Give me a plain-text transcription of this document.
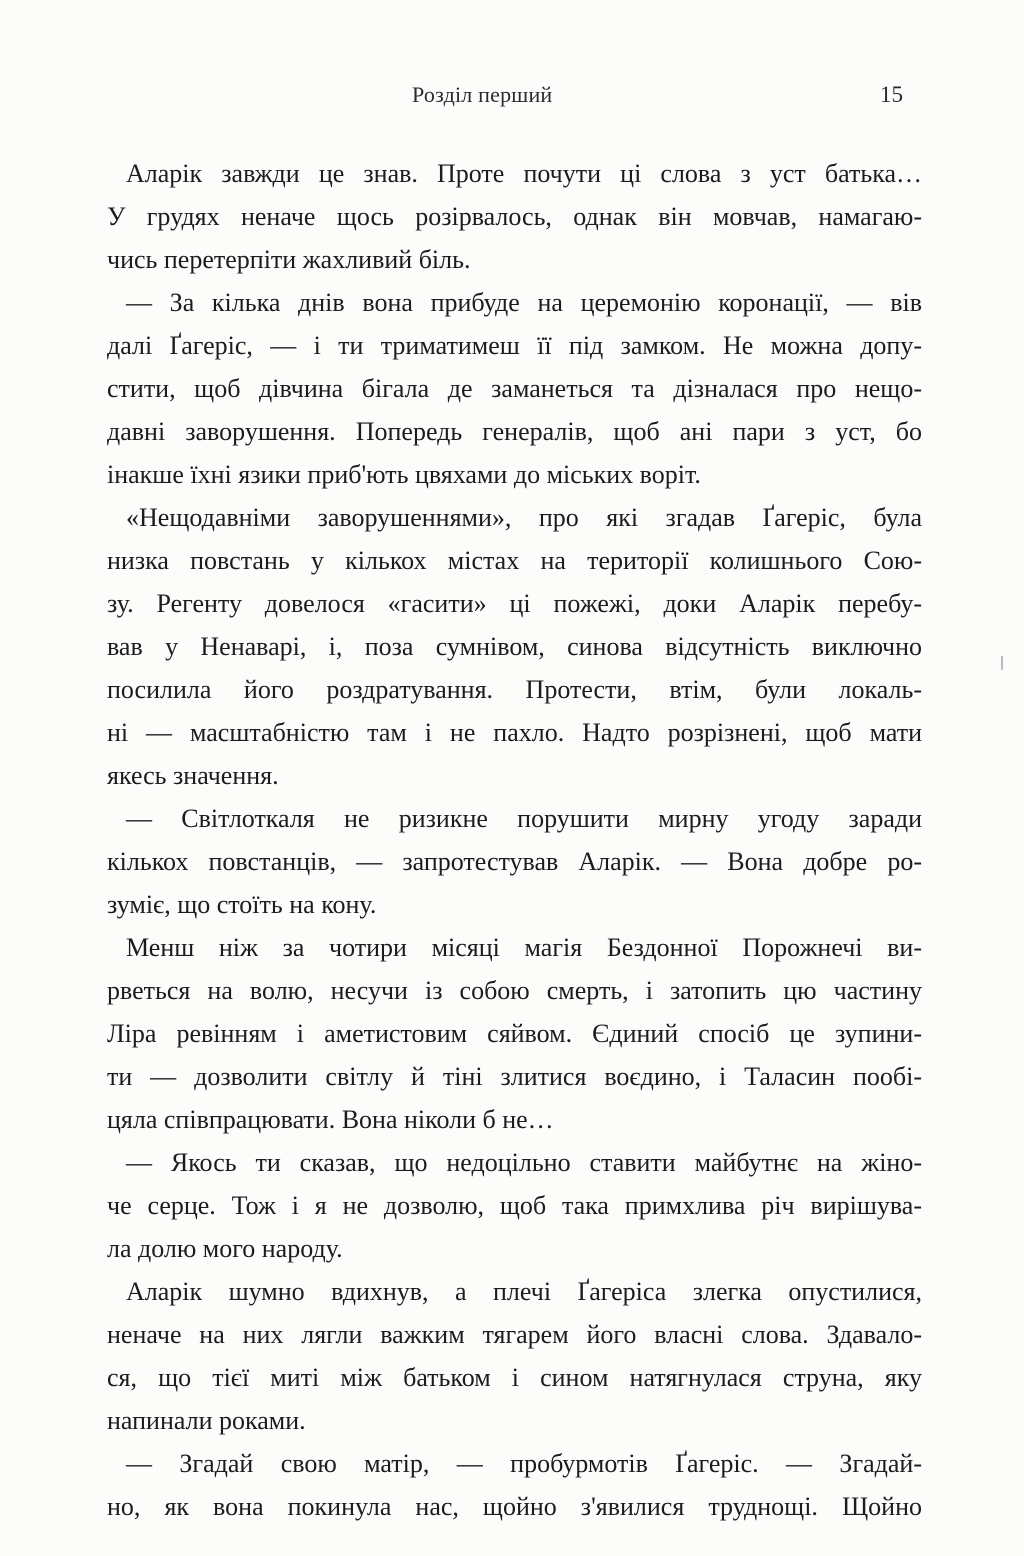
Розділ перший	15
Аларік завжди це знав. Проте почути ці слова з уст батька…
У грудях неначе щось розірвалось, однак він мовчав, намагаю-
чись перетерпіти жахливий біль.
— За кілька днів вона прибуде на церемонію коронації, — вів
далі Ґагеріс, — і ти триматимеш її під замком. Не можна допу-
стити, щоб дівчина бігала де заманеться та дізналася про нещо-
давні заворушення. Попередь генералів, щоб ані пари з уст, бо
інакше їхні язики приб'ють цвяхами до міських воріт.
«Нещодавніми заворушеннями», про які згадав Ґагеріс, була
низка повстань у кількох містах на території колишнього Сою-
зу. Регенту довелося «гасити» ці пожежі, доки Аларік перебу-
вав у Ненаварі, і, поза сумнівом, синова відсутність виключно
посилила його роздратування. Протести, втім, були локаль-
ні — масштабністю там і не пахло. Надто розрізнені, щоб мати
якесь значення.
— Світлоткаля не ризикне порушити мирну угоду заради
кількох повстанців, — запротестував Аларік. — Вона добре ро-
зуміє, що стоїть на кону.
Менш ніж за чотири місяці магія Бездонної Порожнечі ви-
рветься на волю, несучи із собою смерть, і затопить цю частину
Ліра ревінням і аметистовим сяйвом. Єдиний спосіб це зупини-
ти — дозволити світлу й тіні злитися воєдино, і Таласин пообі-
цяла співпрацювати. Вона ніколи б не…
— Якось ти сказав, що недоцільно ставити майбутнє на жіно-
че серце. Тож і я не дозволю, щоб така примхлива річ вирішува-
ла долю мого народу.
Аларік шумно вдихнув, а плечі Ґагеріса злегка опустилися,
неначе на них лягли важким тягарем його власні слова. Здавало-
ся, що тієї миті між батьком і сином натягнулася струна, яку
напинали роками.
— Згадай свою матір, — пробурмотів Ґагеріс. — Згадай-
но, як вона покинула нас, щойно з'явилися труднощі. Щойно
